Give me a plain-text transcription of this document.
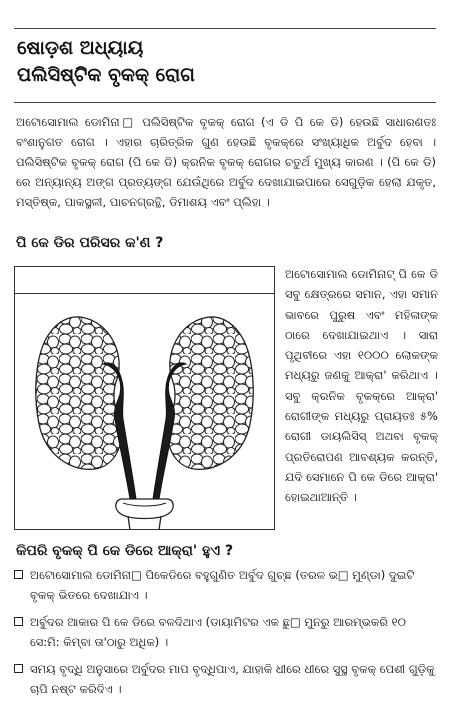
ଷୋଡ଼ଶ ଅଧ୍ୟାୟ
ପଲିସିଷ୍ଟିକ ବୃକକ୍ ରୋଗ

ଅଟୋସୋମାଲ ଡୋମିନା□ ପଲିସିଷ୍ଟିକ ବୃକକ୍ ରୋଗ (ଏ ଡି ପି କେ ଡି) ହେଉଛି ସାଧାରଣତଃ ବଂଶାନୁଗତ ରୋଗ । ଏହାର ଚାରିତ୍ରିକ ଗୁଣ ହେଉଛି ବୃକକ୍‌ରେ ସଂଖ୍ୟାଧିକ ଅର୍ବୁଦ ହେବା । ପଲିସିଷ୍ଟିକ ବୃକକ୍ ରୋଗ (ପି କେ ଡି) କ୍ରନିକ ବୃକକ୍ ରୋଗର ଚତୁର୍ଥ ମୁଖ୍ୟ କାରଣ । (ପି କେ ଡି) ରେ ଅନ୍ୟାନ୍ୟ ଅଙ୍ଗ ପ୍ରତ୍ୟଙ୍ଗ ଯେଉଁଥିରେ ଅର୍ବୁଦ ଦେଖାଯାଇପାରେ ସେଗୁଡ଼ିକ ହେଲା ଯକୃତ, ମସ୍ତିଷ୍କ, ପାକସ୍ଥଳୀ, ପାଚନଗ୍ରନ୍ଥି, ଡିମାଶୟ ଏବଂ ପ୍ଲିହା ।

ପି କେ ଡିର ପରିସର କ'ଣ ?

ଅଟୋସୋମାଲ ଡୋମିନାଟ୍ ପି କେ ଡି ସବୁ କ୍ଷେତ୍ରରେ ସମାନ, ଏହା ସମାନ ଭାବରେ ପୁରୁଷ ଏବଂ ମହିଳାଙ୍କ ଠାରେ ଦେଖାଯାଇଥାଏ । ସାରା ପୃଥିବୀରେ ଏହା ୧୦୦୦ ଲୋକଙ୍କ ମଧ୍ୟରୁ ଜଣକୁ ଆକ୍ରା' କରିଥାଏ । ସବୁ କ୍ରନିକ ବୃକକ୍‌ରେ ଆକ୍ରା' ରୋଗୀଙ୍କ ମଧ୍ୟରୁ ପ୍ରାୟତଃ ୫% ରୋଗୀ ଡାୟଲିସିସ୍ ଅଥବା ବୃକକ୍ ପ୍ରତିରୋପଣ ଆବଶ୍ୟକ କରନ୍ତି, ଯଦି ସେମାନେ ପି କେ ଡିରେ ଆକ୍ରା' ହୋଇଥାଆନ୍ତି ।

କିପରି ବୃକକ୍ ପି କେ ଡିରେ ଆକ୍ରା' ହୁଏ ?
ଅଟୋସୋମାଲ ଡୋମିନା□ ପିକେଡିରେ ବହୁଗୁଣିତ ଅର୍ବୁଦ ଗୁଚ୍ଛ (ତରଳ ଭ□ ମୁଣ୍ଡା) ଦୁଇଟି ବୃକକ୍ ଭିତରେ ଦେଖାଯାଏ ।
ଅର୍ବୁଦର ଆକାର ପି କେ ଡିରେ ବଳଦିଥାଏ (ଡାୟାମିଟର ଏକ ଛୁ□ ମୁନରୁ ଆରମ୍ଭକରି ୧୦ ସେ:ମି: କିମ୍ବା ତା'ଠାରୁ ଅଧିକ) ।
ସମୟ ବୃଦ୍ଧି ଅନୁସାରେ ଅର୍ବୁଦର ମାପ ବୃଦ୍ଧିପାଏ, ଯାହାକି ଧୀରେ ଧୀରେ ସୁସ୍ଥ ବୃକକ୍ ପେଶୀ ଗୁଡ଼ିକୁ ଚାପି ନଷ୍ଟ କରିଦିଏ ।
